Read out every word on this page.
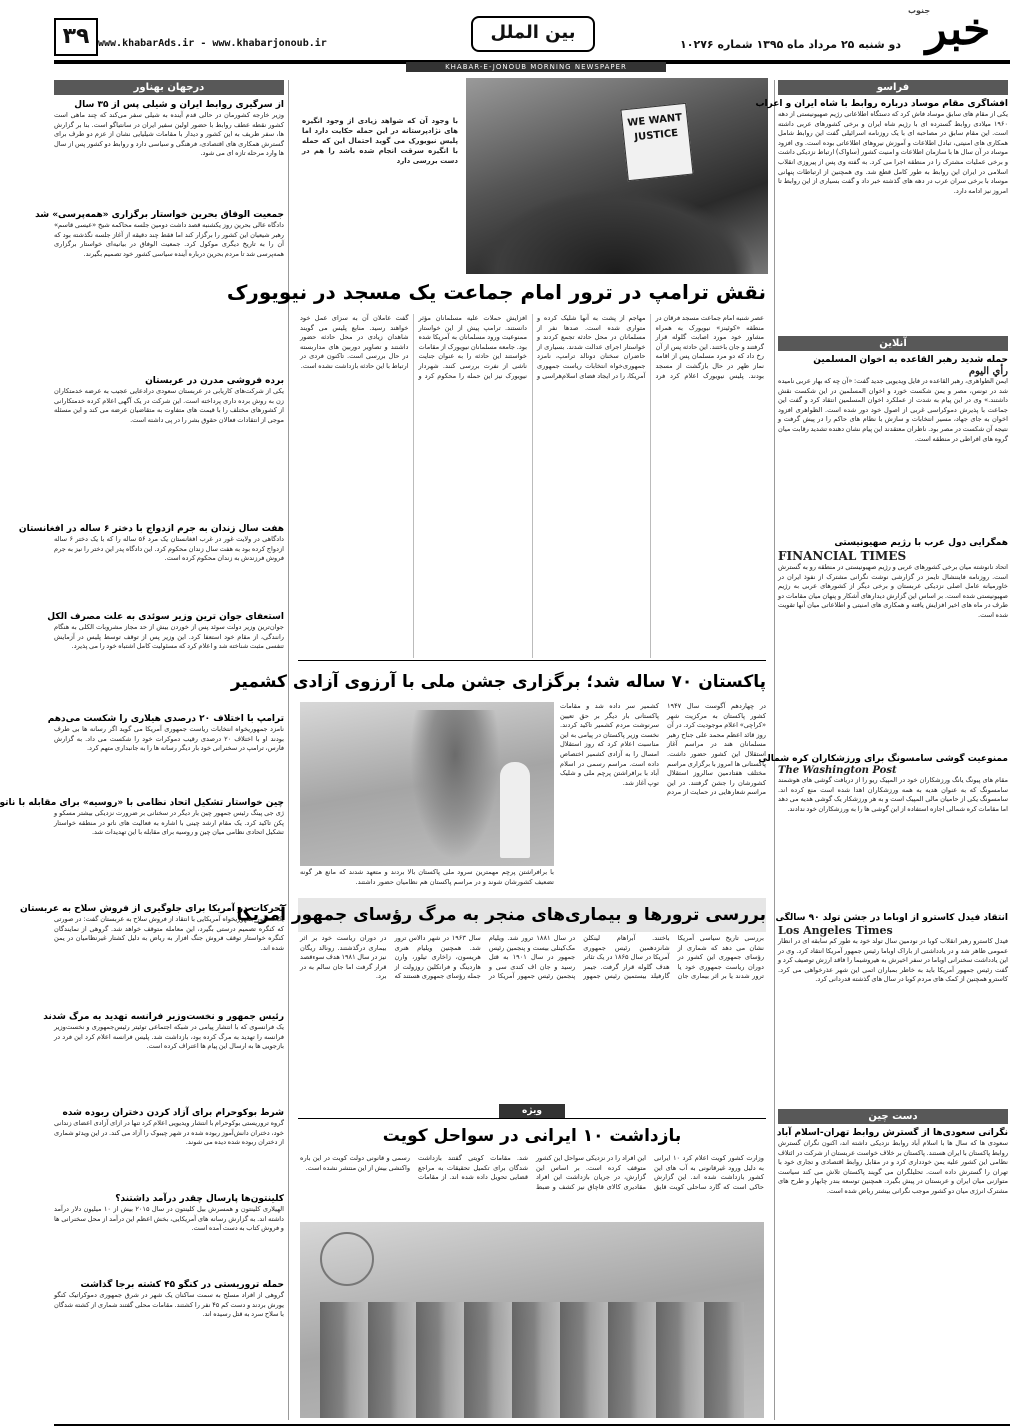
۳۹ www.khabarAds.ir - www.khabarjonoub.ir
بین الملل
دو شنبه ۲۵ مرداد ماه ۱۳۹۵ شماره ۱۰۲۷۶ خبر
جنوب
KHABAR-E-JONOUB MORNING NEWSPAPER
درجهان بهناور
از سرگیری روابط ایران و شیلی پس از ۳۵ سال
وزیر خارجه کشورمان در حالی قدم آینده به شیلی سفر می‌کند که چند ماهی است کشور نقطه عطف روابط با حضور اولین سفیر ایران در سانتیاگو است. بنا بر گزارش ها، سفر ظریف به این کشور و دیدار با مقامات شیلیایی نشان از عزم دو طرف برای گسترش همکاری های اقتصادی، فرهنگی و سیاسی دارد و روابط دو کشور پس از سال ها وارد مرحله تازه ای می شود.
جمعیت الوفاق بحرین خواستار برگزاری «همه‌پرسی» شد
دادگاه عالی بحرین روز یکشنبه قصد داشت دومین جلسه محاکمه شیخ «عیسی قاسم» رهبر شیعیان این کشور را برگزار کند اما فقط چند دقیقه از آغاز جلسه نگذشته بود که آن را به تاریخ دیگری موکول کرد. جمعیت الوفاق در بیانیه‌ای خواستار برگزاری همه‌پرسی شد تا مردم بحرین درباره آینده سیاسی کشور خود تصمیم بگیرند.
برده فروشی مدرن در عربستان
یکی از شرکت‌های کاریابی در عربستان سعودی درادعایی عجیب به عرضه خدمتکاران زن به روش برده داری پرداخته است. این شرکت در یک آگهی اعلام کرده خدمتکارانی از کشورهای مختلف را با قیمت های متفاوت به متقاضیان عرضه می کند و این مسئله موجی از انتقادات فعالان حقوق بشر را در پی داشته است.
هفت سال زندان به جرم ازدواج با دختر ۶ ساله در افغانستان
دادگاهی در ولایت غور در غرب افغانستان یک مرد ۵۶ ساله را که با یک دختر ۶ ساله ازدواج کرده بود به هفت سال زندان محکوم کرد. این دادگاه پدر این دختر را نیز به جرم فروش فرزندش به زندان محکوم کرده است.
استعفای جوان ترین وزیر سوئدی به علت مصرف الکل
جوان‌ترین وزیر دولت سوئد پس از خوردن بیش از حد مجاز مشروبات الکلی به هنگام رانندگی، از مقام خود استعفا کرد. این وزیر پس از توقف توسط پلیس در آزمایش تنفسی مثبت شناخته شد و اعلام کرد که مسئولیت کامل اشتباه خود را می پذیرد.
ترامپ با اختلاف ۲۰ درصدی هیلاری را شکست می‌دهم
نامزد جمهوریخواه انتخابات ریاست جمهوری آمریکا می گوید اگر رسانه ها بی طرف بودند او با اختلاف ۲۰ درصدی رقیب دموکرات خود را شکست می داد. به گزارش فارس، ترامپ در سخنرانی خود بار دیگر رسانه ها را به جانبداری متهم کرد.
چین خواستار تشکیل اتحاد نظامی با «روسیه» برای مقابله با ناتو
ژی جی پینگ رئیس جمهور چین بار دیگر در سخنانی بر ضرورت نزدیکی بیشتر مسکو و پکن تاکید کرد. یک مقام ارشد چینی با اشاره به فعالیت های ناتو در منطقه خواستار تشکیل اتحادی نظامی میان چین و روسیه برای مقابله با این تهدیدات شد.
تحرکات در آمریکا برای جلوگیری از فروش سلاح به عربستان
یک سناتور جمهوریخواه آمریکایی با انتقاد از فروش سلاح به عربستان گفت: در صورتی که کنگره تصمیم درستی بگیرد، این معامله متوقف خواهد شد. گروهی از نمایندگان کنگره خواستار توقف فروش جنگ افزار به ریاض به دلیل کشتار غیرنظامیان در یمن شده اند.
رئیس جمهور و نخست‌وزیر فرانسه تهدید به مرگ شدند
یک فرانسوی که با انتشار پیامی در شبکه اجتماعی توئیتر رئیس‌جمهوری و نخست‌وزیر فرانسه را تهدید به مرگ کرده بود، بازداشت شد. پلیس فرانسه اعلام کرد این فرد در بازجویی ها به ارسال این پیام ها اعتراف کرده است.
شرط بوکوحرام برای آزاد کردن دختران ربوده شده
گروه تروریستی بوکوحرام با انتشار ویدیویی اعلام کرد تنها در ازای آزادی اعضای زندانی خود، دختران دانش‌آموز ربوده شده در شهر چیبوک را آزاد می کند. در این ویدئو شماری از دختران ربوده شده دیده می شوند.
کلینتون‌ها پارسال چقدر درآمد داشتند؟
الهیلاری کلینتون و همسرش بیل کلینتون در سال ۲۰۱۵ بیش از ۱۰ میلیون دلار درآمد داشته اند. به گزارش رسانه های آمریکایی، بخش اعظم این درآمد از محل سخنرانی ها و فروش کتاب به دست آمده است.
حمله تروریستی در کنگو ۴۵ کشته برجا گذاشت
گروهی از افراد مسلح به سمت ساکنان یک شهر در شرق جمهوری دموکراتیک کنگو یورش بردند و دست کم ۴۵ نفر را کشتند. مقامات محلی گفتند شماری از کشته شدگان با سلاح سرد به قتل رسیده اند.
WE WANT JUSTICE
با وجود آن که شواهد زیادی از وجود انگیزه های نژادپرستانه در این حمله حکایت دارد اما پلیس نیویورک می گوید احتمال این که حمله با انگیزه سرقت انجام شده باشد را هم در دست بررسی دارد
نقش ترامپ در ترور امام جماعت یک مسجد در نیویورک
عصر شنبه امام جماعت مسجد فرقان در منطقه «کوئینز» نیویورک به همراه مشاور خود مورد اصابت گلوله قرار گرفتند و جان باختند. این حادثه پس از آن رخ داد که دو مرد مسلمان پس از اقامه نماز ظهر در حال بازگشت از مسجد بودند. پلیس نیویورک اعلام کرد فرد مهاجم از پشت به آنها شلیک کرده و متواری شده است. صدها نفر از مسلمانان در محل حادثه تجمع کردند و خواستار اجرای عدالت شدند. بسیاری از حاضران سخنان دونالد ترامپ، نامزد جمهوری‌خواه انتخابات ریاست جمهوری آمریکا، را در ایجاد فضای اسلام‌هراسی و افزایش حملات علیه مسلمانان مؤثر دانستند. ترامپ پیش از این خواستار ممنوعیت ورود مسلمانان به آمریکا شده بود. جامعه مسلمانان نیویورک از مقامات خواستند این حادثه را به عنوان جنایت ناشی از نفرت بررسی کنند. شهردار نیویورک نیز این حمله را محکوم کرد و گفت عاملان آن به سزای عمل خود خواهند رسید. منابع پلیس می گویند شاهدان زیادی در محل حادثه حضور داشتند و تصاویر دوربین های مداربسته در حال بررسی است. تاکنون فردی در ارتباط با این حادثه بازداشت نشده است.
پاکستان ۷۰ ساله شد؛ برگزاری جشن ملی با آرزوی آزادی کشمیر
در چهاردهم آگوست سال ۱۹۴۷ کشور پاکستان به مرکزیت شهر «کراچی» اعلام موجودیت کرد. در آن روز قائد اعظم محمد علی جناح رهبر مسلمانان هند در مراسم آغاز استقلال این کشور حضور داشت. پاکستانی ها امروز با برگزاری مراسم مختلف هفتادمین سالروز استقلال کشورشان را جشن گرفتند. در این مراسم شعارهایی در حمایت از مردم کشمیر سر داده شد و مقامات پاکستانی بار دیگر بر حق تعیین سرنوشت مردم کشمیر تاکید کردند. نخست وزیر پاکستان در پیامی به این مناسبت اعلام کرد که روز استقلال امسال را به آزادی کشمیر اختصاص داده است. مراسم رسمی در اسلام آباد با برافراشتن پرچم ملی و شلیک توپ آغاز شد.
با برافراشتن پرچم مهمترین سرود ملی پاکستان بالا بردند و متعهد شدند که مانع هر گونه تضعیف کشورشان شوند و در مراسم پاکستان هم نظامیان حضور داشتند.
بررسی ترورها و بیماری‌های منجر به مرگ رؤسای جمهور آمریکا
بررسی تاریخ سیاسی آمریکا نشان می دهد که شماری از رؤسای جمهوری این کشور در دوران ریاست جمهوری خود یا ترور شدند یا بر اثر بیماری جان باختند. آبراهام لینکلن شانزدهمین رئیس جمهوری آمریکا در سال ۱۸۶۵ در یک تئاتر هدف گلوله قرار گرفت. جیمز گارفیلد بیستمین رئیس جمهور در سال ۱۸۸۱ ترور شد. ویلیام مک‌کینلی بیست و پنجمین رئیس جمهور در سال ۱۹۰۱ به قتل رسید و جان اف کندی سی و پنجمین رئیس جمهور آمریکا در سال ۱۹۶۳ در شهر دالاس ترور شد. همچنین ویلیام هنری هریسون، زاخاری تیلور، وارن هاردینگ و فرانکلین روزولت از جمله رؤسای جمهوری هستند که در دوران ریاست خود بر اثر بیماری درگذشتند. رونالد ریگان نیز در سال ۱۹۸۱ هدف سوءقصد قرار گرفت اما جان سالم به در برد.
ویژه
بازداشت ۱۰ ایرانی در سواحل کویت
وزارت کشور کویت اعلام کرد ۱۰ ایرانی به دلیل ورود غیرقانونی به آب های این کشور بازداشت شده اند. این گزارش حاکی است که گارد ساحلی کویت قایق این افراد را در نزدیکی سواحل این کشور متوقف کرده است. بر اساس این گزارش، در جریان بازداشت این افراد مقادیری کالای قاچاق نیز کشف و ضبط شد. مقامات کویتی گفتند بازداشت شدگان برای تکمیل تحقیقات به مراجع قضایی تحویل داده شده اند. از مقامات رسمی و قانونی دولت کویت در این باره واکنشی بیش از این منتشر نشده است.
فراسو
افشاگری مقام موساد درباره روابط با شاه ایران و اعراب
یکی از مقام های سابق موساد فاش کرد که دستگاه اطلاعاتی رژیم صهیونیستی از دهه ۱۹۶۰ میلادی روابط گسترده ای با رژیم شاه ایران و برخی کشورهای عربی داشته است. این مقام سابق در مصاحبه ای با یک روزنامه اسرائیلی گفت این روابط شامل همکاری های امنیتی، تبادل اطلاعات و آموزش نیروهای اطلاعاتی بوده است. وی افزود موساد در آن سال ها با سازمان اطلاعات و امنیت کشور (ساواک) ارتباط نزدیکی داشت و برخی عملیات مشترک را در منطقه اجرا می کرد. به گفته وی پس از پیروزی انقلاب اسلامی در ایران این روابط به طور کامل قطع شد. وی همچنین از ارتباطات پنهانی موساد با برخی سران عرب در دهه های گذشته خبر داد و گفت بسیاری از این روابط تا امروز نیز ادامه دارد.
آنلاین
حمله شدید رهبر القاعده به اخوان المسلمین
رأي اليوم
ایمن الظواهری، رهبر القاعده در فایل ویدیویی جدید گفت: «آن چه که بهار عربی نامیده شد در تونس، مصر و یمن شکست خورد و اخوان المسلمین در این شکست نقش داشتند.» وی در این پیام به شدت از عملکرد اخوان المسلمین انتقاد کرد و گفت این جماعت با پذیرش دموکراسی غربی از اصول خود دور شده است. الظواهری افزود اخوان به جای جهاد، مسیر انتخابات و سازش با نظام های حاکم را در پیش گرفت و نتیجه آن شکست در مصر بود. ناظران معتقدند این پیام نشان دهنده تشدید رقابت میان گروه های افراطی در منطقه است.
همگرایی دول عرب با رژیم صهیونیستی
FINANCIAL TIMES
اتحاد نانوشته میان برخی کشورهای عربی و رژیم صهیونیستی در منطقه رو به گسترش است. روزنامه فایننشال تایمز در گزارشی نوشت نگرانی مشترک از نفوذ ایران در خاورمیانه عامل اصلی نزدیکی عربستان و برخی دیگر از کشورهای عربی به رژیم صهیونیستی شده است. بر اساس این گزارش دیدارهای آشکار و پنهان میان مقامات دو طرف در ماه های اخیر افزایش یافته و همکاری های امنیتی و اطلاعاتی میان آنها تقویت شده است.
ممنوعیت گوشی سامسونگ برای ورزشکاران کره شمالی
The Washington Post
مقام های پیونگ یانگ ورزشکاران خود در المپیک ریو را از دریافت گوشی های هوشمند سامسونگ که به عنوان هدیه به همه ورزشکاران اهدا شده است منع کرده اند. سامسونگ یکی از حامیان مالی المپیک است و به هر ورزشکار یک گوشی هدیه می دهد اما مقامات کره شمالی اجازه استفاده از این گوشی ها را به ورزشکاران خود ندادند.
انتقاد فیدل کاسترو از اوباما در جشن تولد ۹۰ سالگی
Los Angeles Times
فیدل کاسترو رهبر انقلاب کوبا در نودمین سال تولد خود به طور کم سابقه ای در انظار عمومی ظاهر شد و در یادداشتی از باراک اوباما رئیس جمهور آمریکا انتقاد کرد. وی در این یادداشت سخنرانی اوباما در سفر اخیرش به هیروشیما را فاقد ارزش توصیف کرد و گفت رئیس جمهور آمریکا باید به خاطر بمباران اتمی این شهر عذرخواهی می کرد. کاسترو همچنین از کمک های مردم کوبا در سال های گذشته قدردانی کرد.
دست چین
نگرانی سعودی‌ها از گسترش روابط تهران-اسلام آباد
سعودی ها که سال ها با اسلام آباد روابط نزدیکی داشته اند، اکنون نگران گسترش روابط پاکستان با ایران هستند. پاکستان بر خلاف خواست عربستان از شرکت در ائتلاف نظامی این کشور علیه یمن خودداری کرد و در مقابل روابط اقتصادی و تجاری خود با تهران را گسترش داده است. تحلیلگران می گویند پاکستان تلاش می کند سیاست متوازنی میان ایران و عربستان در پیش بگیرد. همچنین توسعه بندر چابهار و طرح های مشترک انرژی میان دو کشور موجب نگرانی بیشتر ریاض شده است.
